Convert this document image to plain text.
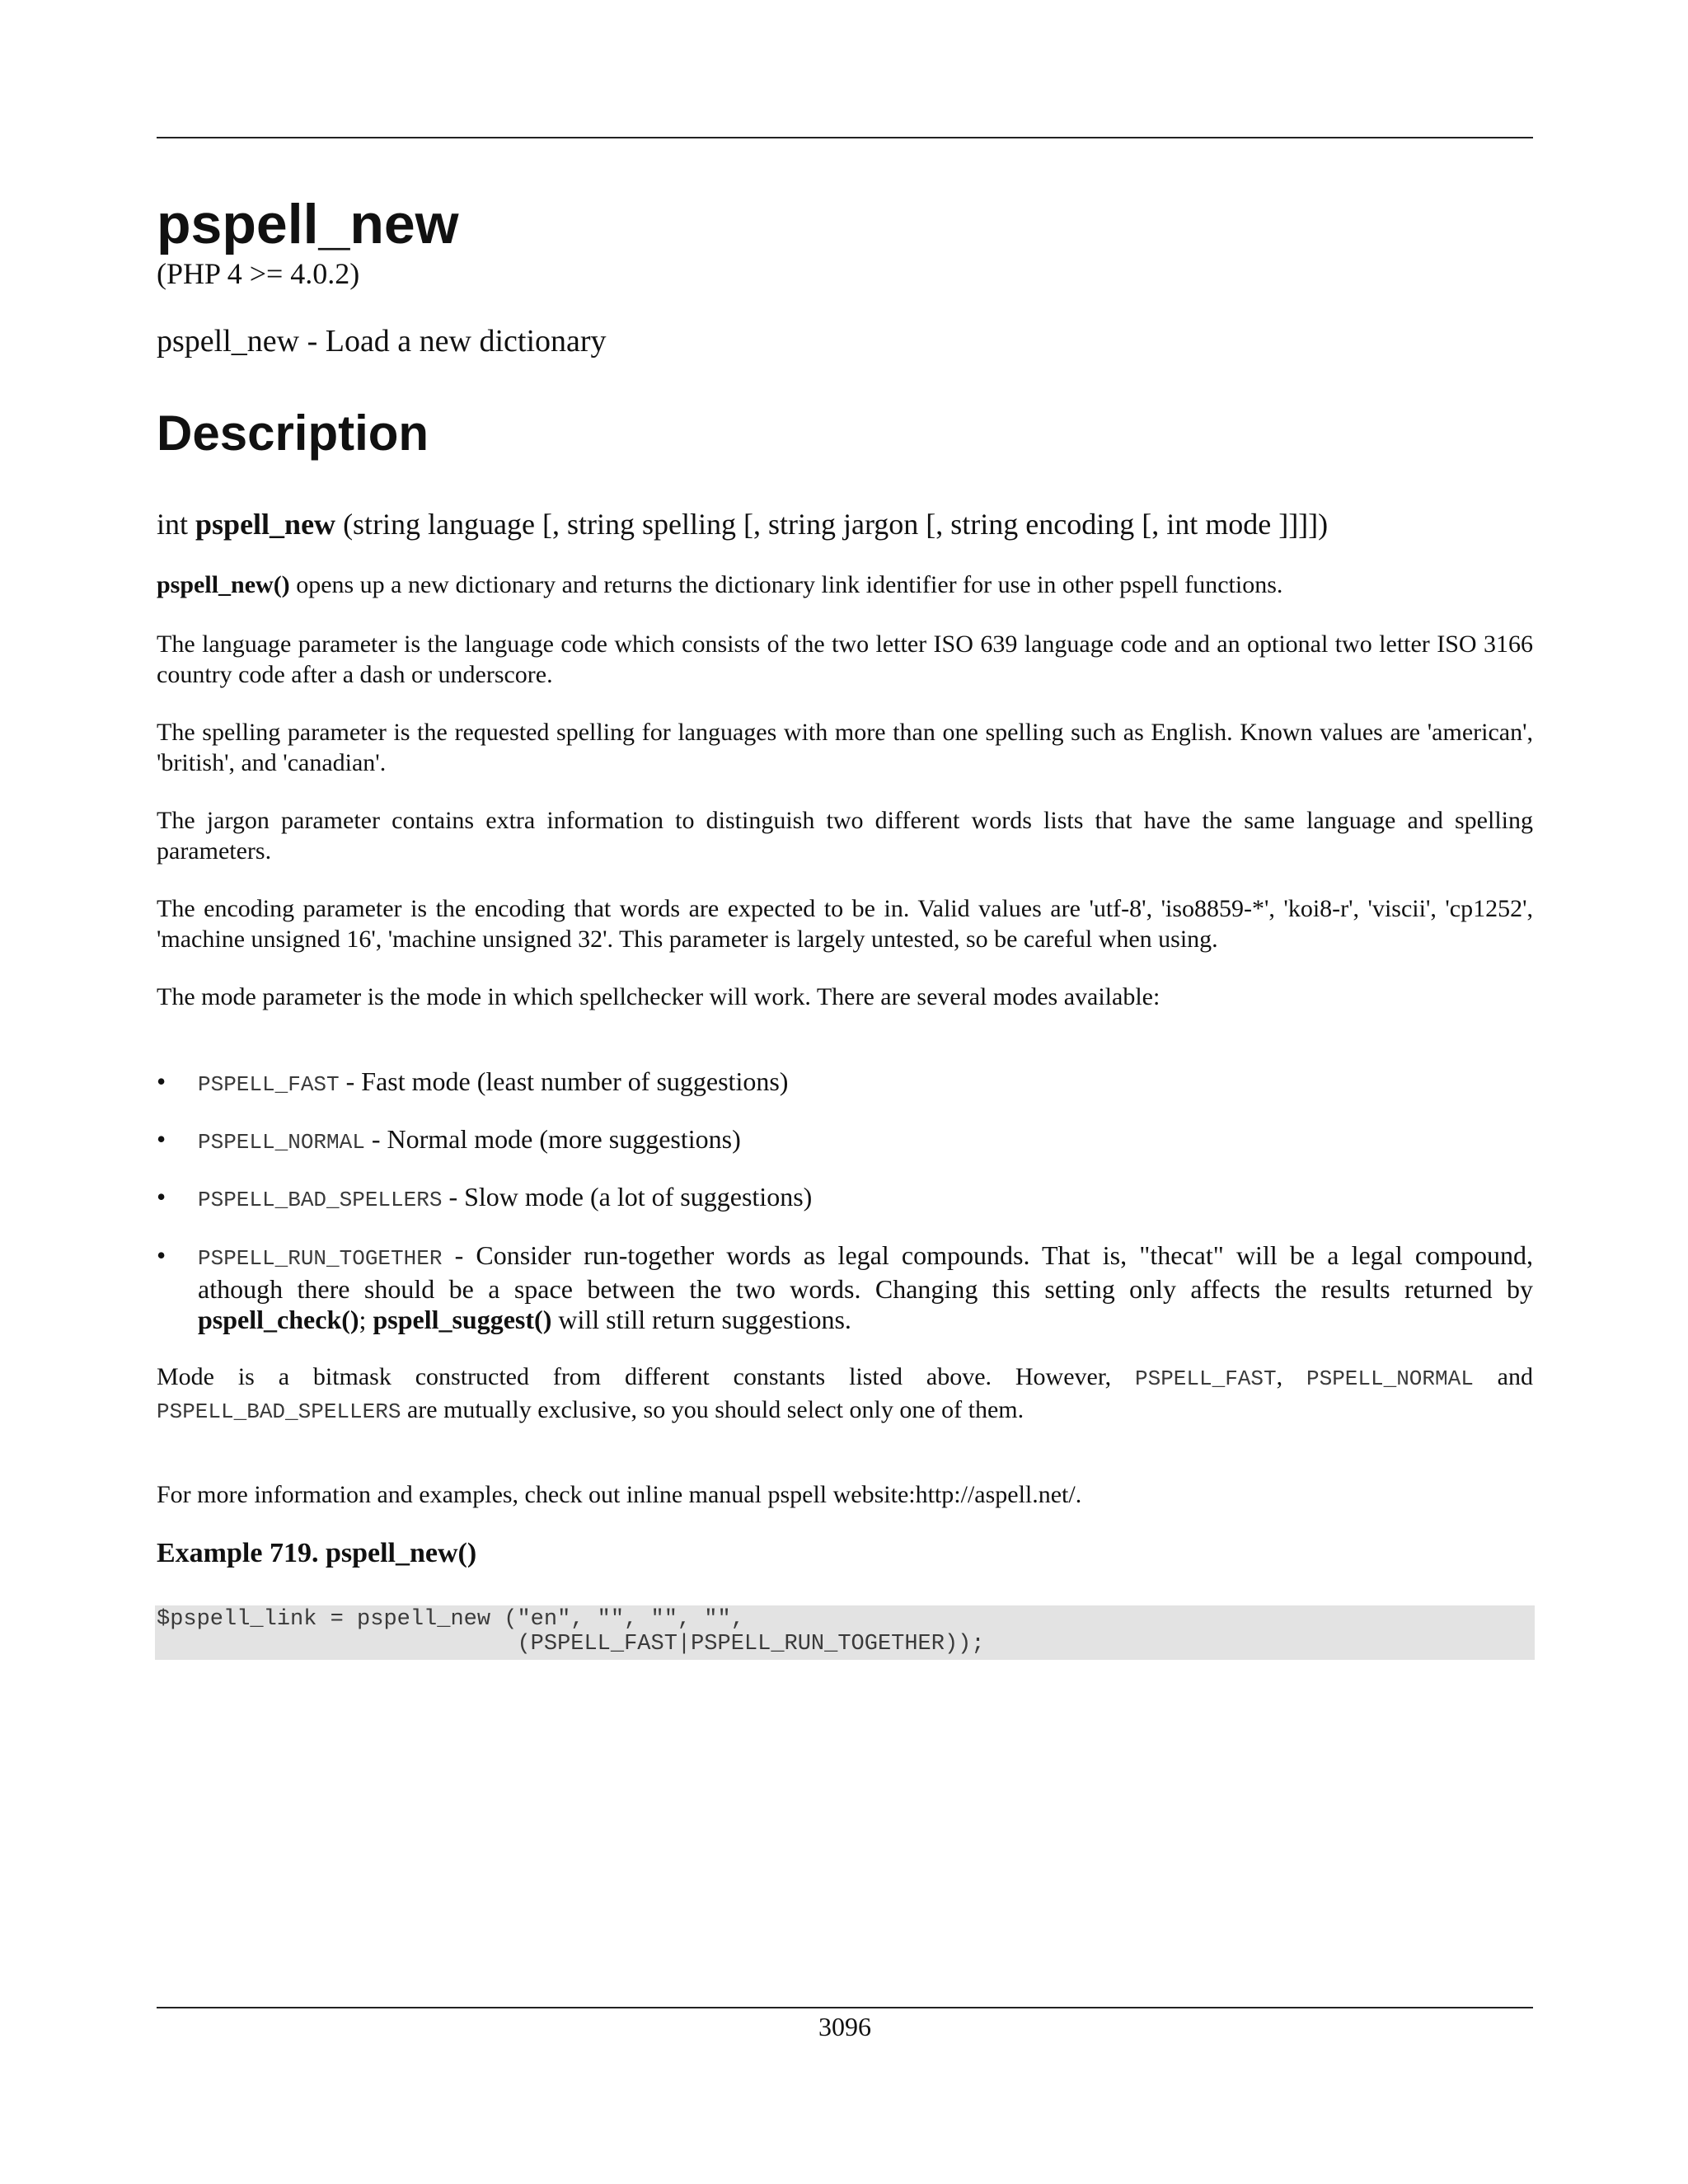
pspell_new
(PHP 4 >= 4.0.2)
pspell_new - Load a new dictionary
Description
int pspell_new (string language [, string spelling [, string jargon [, string encoding [, int mode ]]]])

pspell_new() opens up a new dictionary and returns the dictionary link identifier for use in other pspell functions.

The language parameter is the language code which consists of the two letter ISO 639 language code and an optional two letter ISO 3166 country code after a dash or underscore.

The spelling parameter is the requested spelling for languages with more than one spelling such as English. Known values are 'american', 'british', and 'canadian'.

The jargon parameter contains extra information to distinguish two different words lists that have the same language and spelling parameters.

The encoding parameter is the encoding that words are expected to be in. Valid values are 'utf-8', 'iso8859-*', 'koi8-r', 'viscii', 'cp1252', 'machine unsigned 16', 'machine unsigned 32'. This parameter is largely untested, so be careful when using.

The mode parameter is the mode in which spellchecker will work. There are several modes available:

• PSPELL_FAST - Fast mode (least number of suggestions)
• PSPELL_NORMAL - Normal mode (more suggestions)
• PSPELL_BAD_SPELLERS - Slow mode (a lot of suggestions)
• PSPELL_RUN_TOGETHER - Consider run-together words as legal compounds. That is, "thecat" will be a legal compound, athough there should be a space between the two words. Changing this setting only affects the results returned by pspell_check(); pspell_suggest() will still return suggestions.

Mode is a bitmask constructed from different constants listed above. However, PSPELL_FAST, PSPELL_NORMAL and PSPELL_BAD_SPELLERS are mutually exclusive, so you should select only one of them.

For more information and examples, check out inline manual pspell website:http://aspell.net/.

Example 719. pspell_new()
$pspell_link = pspell_new ("en", "", "", "",
(PSPELL_FAST|PSPELL_RUN_TOGETHER));
3096
